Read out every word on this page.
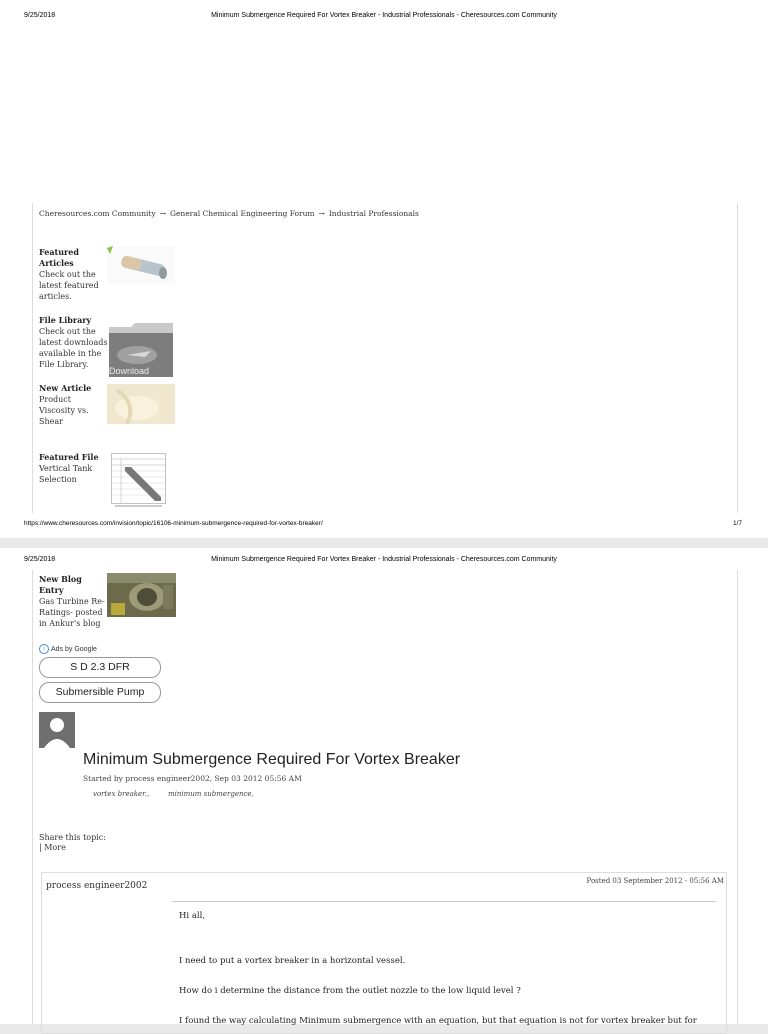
9/25/2018	Minimum Submergence Required For Vortex Breaker - Industrial Professionals - Cheresources.com Community
https://www.cheresources.com/invision/topic/16106-minimum-submergence-required-for-vortex-breaker/	1/7
Cheresources.com Community → General Chemical Engineering Forum → Industrial Professionals
Featured Articles
Check out the latest featured articles.
File Library
Check out the latest downloads available in the File Library.
Download
New Article
Product Viscosity vs. Shear
Featured File
Vertical Tank Selection
9/25/2018	Minimum Submergence Required For Vortex Breaker - Industrial Professionals - Cheresources.com Community
New Blog Entry
Gas Turbine Re-Ratings- posted in Ankur's blog
i Ads by Google
S D 2.3 DFR
Submersible Pump
Minimum Submergence Required For Vortex Breaker
Started by process engineer2002, Sep 03 2012 05:56 AM
vortex breaker.,	minimum submergence,
Share this topic:
| More
process engineer2002	Posted 03 September 2012 - 05:56 AM
Hi all,
I need to put a vortex breaker in a horizontal vessel.
How do i determine the distance from the outlet nozzle to the low liquid level ?
I found the way calculating Minimum submergence with an equation, but that equation is not for vortex breaker but for
